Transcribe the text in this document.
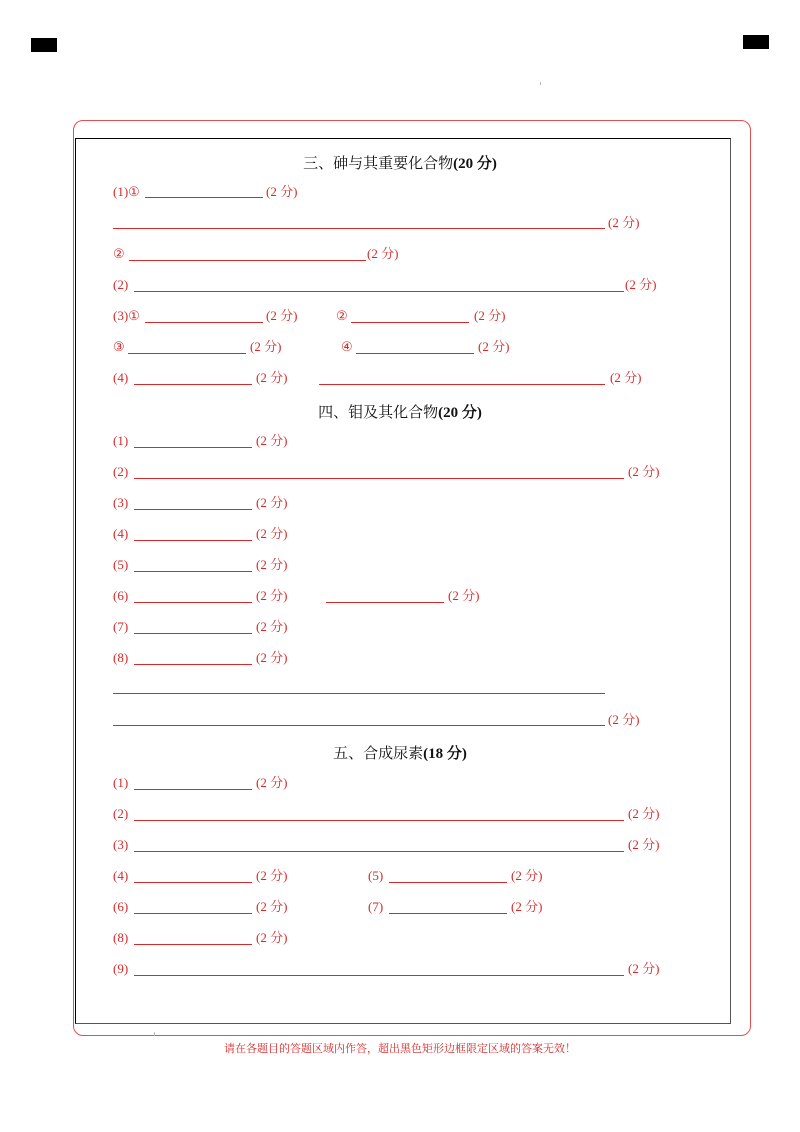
三、砷与其重要化合物(20 分)
(1)①	(2 分)
(2 分)
②	(2 分)
(2)	(2 分)
(3)①	(2 分)	②	(2 分)
③	(2 分)	④	(2 分)
(4)	(2 分)	(2 分)
四、钼及其化合物(20 分)
(1)	(2 分)
(2)	(2 分)
(3)	(2 分)
(4)	(2 分)
(5)	(2 分)
(6)	(2 分)	(2 分)
(7)	(2 分)
(8)	(2 分)
(2 分)
五、合成尿素(18 分)
(1)	(2 分)
(2)	(2 分)
(3)	(2 分)
(4)	(2 分)	(5)	(2 分)
(6)	(2 分)	(7)	(2 分)
(8)	(2 分)
(9)	(2 分)
请在各题目的答题区域内作答，超出黑色矩形边框限定区域的答案无效！
